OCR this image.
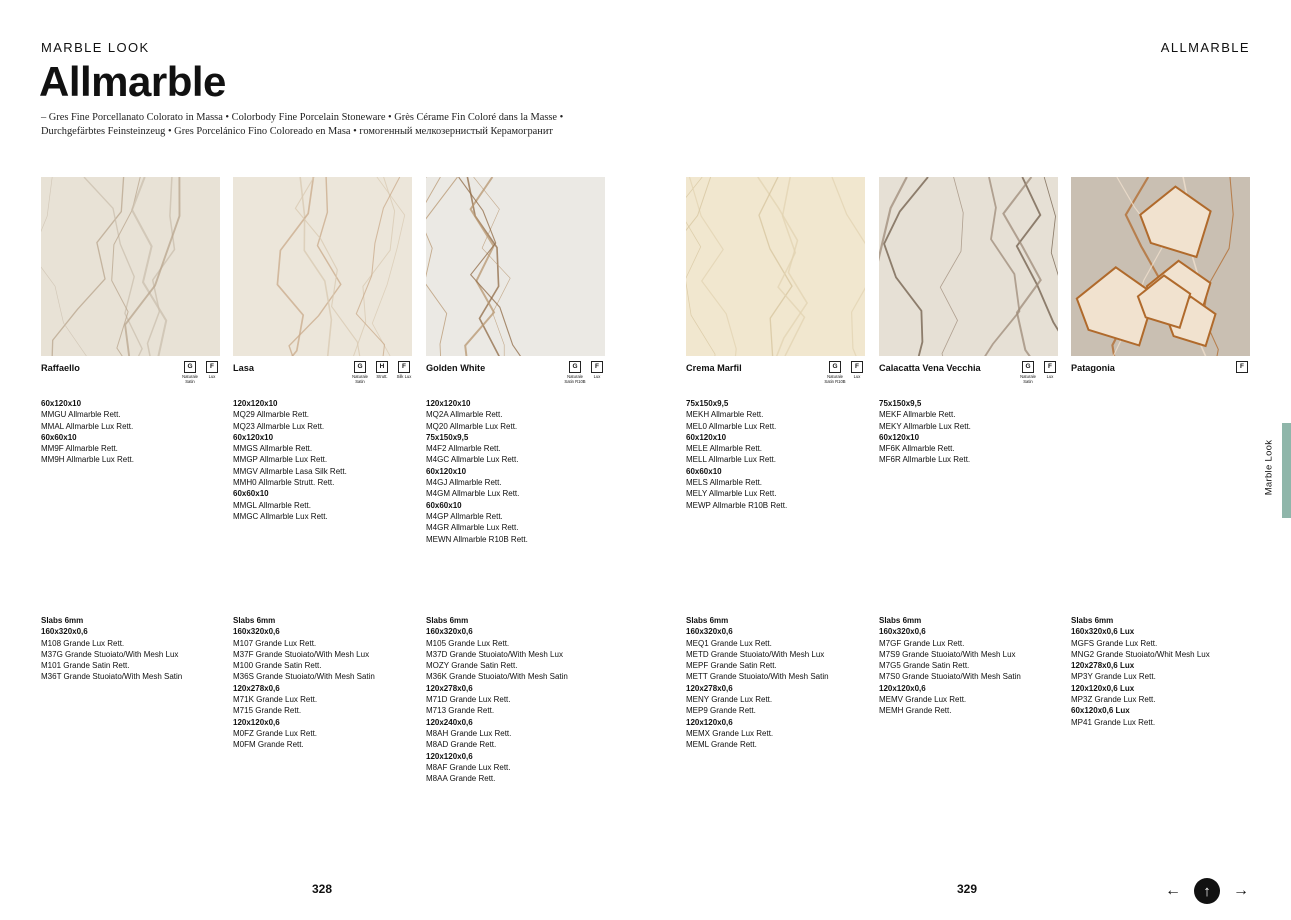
MARBLE LOOK	ALLMARBLE
Allmarble
– Gres Fine Porcellanato Colorato in Massa • Colorbody Fine Porcelain Stoneware • Grès Cérame Fin Coloré dans la Masse • Durchgefärbtes Feinsteinzeug • Gres Porcelánico Fino Coloreado en Masa • гомогенный мелкозернистый Керамогранит
Raffaello	G
Naturale Satin
F
Lux
60x120x10
MMGU Allmarble Rett.
MMAL Allmarble Lux Rett.
60x60x10
MM9F Allmarble Rett.
MM9H Allmarble Lux Rett.
Slabs 6mm
160x320x0,6
M108 Grande Lux Rett.
M37G Grande Stuoiato/With Mesh Lux
M101 Grande Satin Rett.
M36T Grande Stuoiato/With Mesh Satin
Lasa	G
Naturale Satin
H
Strutt.
F
Silk Lux
120x120x10
MQ29 Allmarble Rett.
MQ23 Allmarble Lux Rett.
60x120x10
MMGS Allmarble Rett.
MMGP Allmarble Lux Rett.
MMGV Allmarble Lasa Silk Rett.
MMH0 Allmarble Strutt. Rett.
60x60x10
MMGL Allmarble Rett.
MMGC Allmarble Lux Rett.
Slabs 6mm
160x320x0,6
M107 Grande Lux Rett.
M37F Grande Stuoiato/With Mesh Lux
M100 Grande Satin Rett.
M36S Grande Stuoiato/With Mesh Satin
120x278x0,6
M71K Grande Lux Rett.
M715 Grande Rett.
120x120x0,6
M0FZ Grande Lux Rett.
M0FM Grande Rett.
Golden White	G
Naturale Satin R10B
F
Lux
120x120x10
MQ2A Allmarble Rett.
MQ20 Allmarble Lux Rett.
75x150x9,5
M4F2 Allmarble Rett.
M4GC Allmarble Lux Rett.
60x120x10
M4GJ Allmarble Rett.
M4GM Allmarble Lux Rett.
60x60x10
M4GP Allmarble Rett.
M4GR Allmarble Lux Rett.
MEWN Allmarble R10B Rett.
Slabs 6mm
160x320x0,6
M105 Grande Lux Rett.
M37D Grande Stuoiato/With Mesh Lux
MOZY Grande Satin Rett.
M36K Grande Stuoiato/With Mesh Satin
120x278x0,6
M71D Grande Lux Rett.
M713 Grande Rett.
120x240x0,6
M8AH Grande Lux Rett.
M8AD Grande Rett.
120x120x0,6
M8AF Grande Lux Rett.
M8AA Grande Rett.
Crema Marfil	G
Naturale Satin R10B
F
Lux
75x150x9,5
MEKH Allmarble Rett.
MEL0 Allmarble Lux Rett.
60x120x10
MELE Allmarble Rett.
MELL Allmarble Lux Rett.
60x60x10
MELS Allmarble Rett.
MELY Allmarble Lux Rett.
MEWP Allmarble R10B Rett.
Slabs 6mm
160x320x0,6
MEQ1 Grande Lux Rett.
METD Grande Stuoiato/With Mesh Lux
MEPF Grande Satin Rett.
METT Grande Stuoiato/With Mesh Satin
120x278x0,6
MENY Grande Lux Rett.
MEP9 Grande Rett.
120x120x0,6
MEMX Grande Lux Rett.
MEML Grande Rett.
Calacatta Vena Vecchia	G
Naturale Satin
F
Lux
75x150x9,5
MEKF Allmarble Rett.
MEKY Allmarble Lux Rett.
60x120x10
MF6K Allmarble Rett.
MF6R Allmarble Lux Rett.
Slabs 6mm
160x320x0,6
M7GF Grande Lux Rett.
M7S9 Grande Stuoiato/With Mesh Lux
M7G5 Grande Satin Rett.
M7S0 Grande Stuoiato/With Mesh Satin
120x120x0,6
MEMV Grande Lux Rett.
MEMH Grande Rett.
Patagonia	F
Slabs 6mm
160x320x0,6 Lux
MGFS Grande Lux Rett.
MNG2 Grande Stuoiato/Whit Mesh Lux
120x278x0,6 Lux
MP3Y Grande Lux Rett.
120x120x0,6 Lux
MP3Z Grande Lux Rett.
60x120x0,6 Lux
MP41 Grande Lux Rett.
328	329
Marble Look
←	↑	→
